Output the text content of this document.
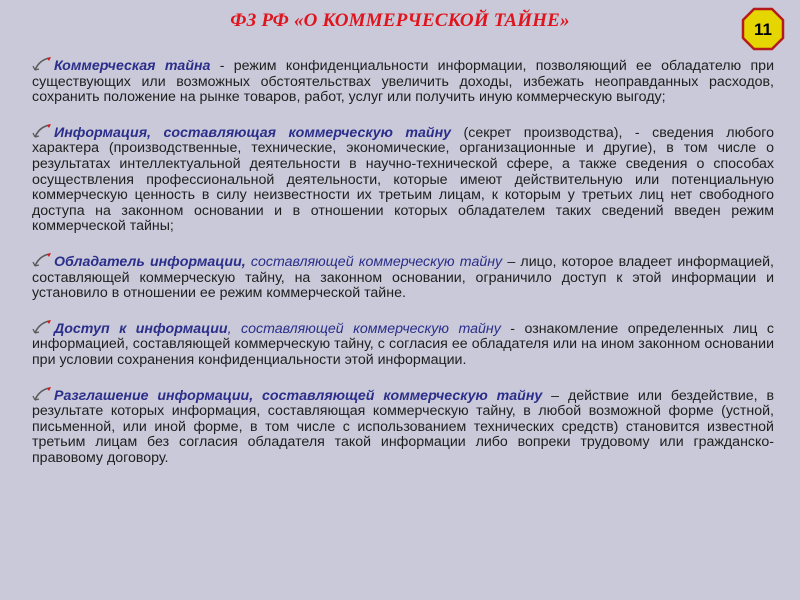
ФЗ РФ «О КОММЕРЧЕСКОЙ ТАЙНЕ»	11

Коммерческая тайна - режим конфиденциальности информации, позволяющий ее обладателю при существующих или возможных обстоятельствах увеличить доходы, избежать неоправданных расходов, сохранить положение на рынке товаров, работ, услуг или получить иную коммерческую выгоду;

Информация, составляющая коммерческую тайну (секрет производства), - сведения любого характера (производственные, технические, экономические, организационные и другие), в том числе о результатах интеллектуальной деятельности в научно-технической сфере, а также сведения о способах осуществления профессиональной деятельности, которые имеют действительную или потенциальную коммерческую ценность в силу неизвестности их третьим лицам, к которым у третьих лиц нет свободного доступа на законном основании и в отношении которых обладателем таких сведений введен режим коммерческой тайны;

Обладатель информации, составляющей коммерческую тайну – лицо, которое владеет информацией, составляющей коммерческую тайну, на законном основании, ограничило доступ к этой информации и установило в отношении ее режим коммерческой тайне.

Доступ к информации, составляющей коммерческую тайну - ознакомление определенных лиц с информацией, составляющей коммерческую тайну, с согласия ее обладателя или на ином законном основании при условии сохранения конфиденциальности этой информации.

Разглашение информации, составляющей коммерческую тайну – действие или бездействие, в результате которых информация, составляющая коммерческую тайну, в любой возможной форме (устной, письменной, или иной форме, в том числе с использованием технических средств) становится известной третьим лицам без согласия обладателя такой информации либо вопреки трудовому или гражданско-правовому договору.
